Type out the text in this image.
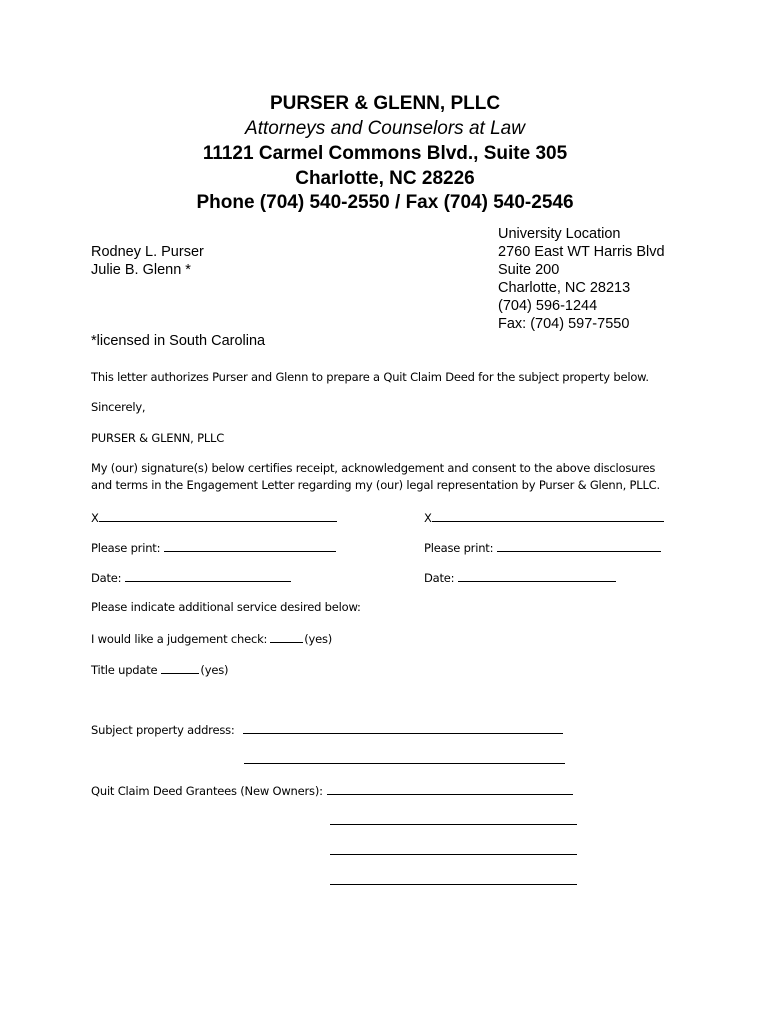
PURSER & GLENN, PLLC
Attorneys and Counselors at Law
11121 Carmel Commons Blvd., Suite 305
Charlotte, NC 28226
Phone (704) 540-2550 / Fax (704) 540-2546
Rodney L. Purser
Julie B. Glenn *
*licensed in South Carolina
University Location
2760 East WT Harris Blvd
Suite 200
Charlotte, NC 28213
(704) 596-1244
Fax: (704) 597-7550
This letter authorizes Purser and Glenn to prepare a Quit Claim Deed for the subject property below.
Sincerely,
PURSER & GLENN, PLLC
My (our) signature(s) below certifies receipt, acknowledgement and consent to the above disclosures
and terms in the Engagement Letter regarding my (our) legal representation by Purser & Glenn, PLLC.
X	X
Please print:	Please print:
Date:	Date:
Please indicate additional service desired below:
I would like a judgement check:	(yes)
Title update	(yes)
Subject property address:
Quit Claim Deed Grantees (New Owners):
